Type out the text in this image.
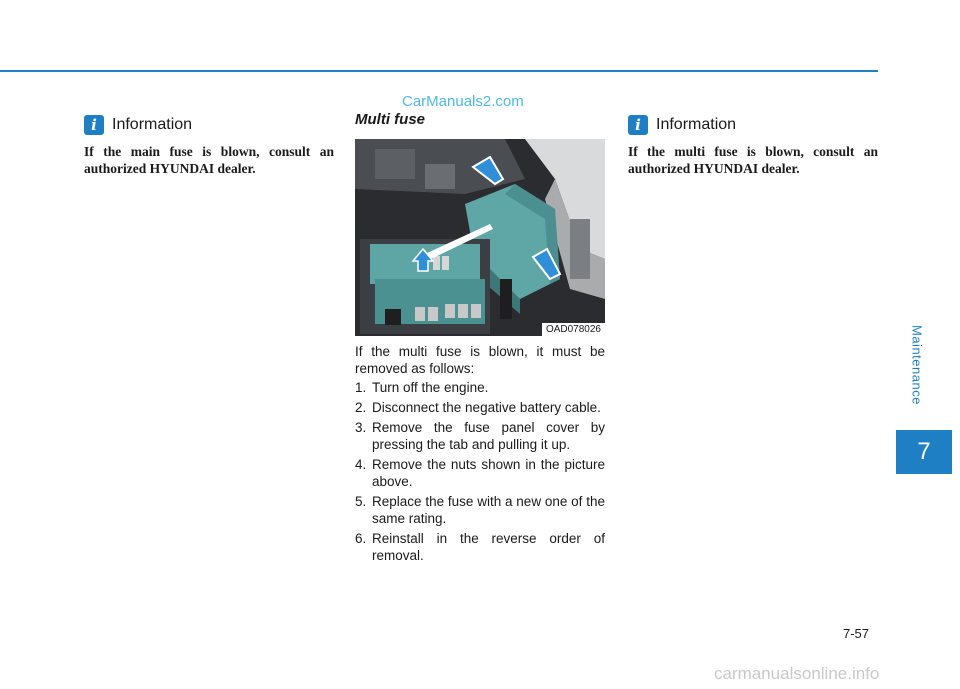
CarManuals2.com
i Information
If the main fuse is blown, consult an authorized HYUNDAI dealer.
Multi fuse
OAD078026
If the multi fuse is blown, it must be removed as follows:
1. Turn off the engine.
2. Disconnect the negative battery cable.
3. Remove the fuse panel cover by pressing the tab and pulling it up.
4. Remove the nuts shown in the picture above.
5. Replace the fuse with a new one of the same rating.
6. Reinstall in the reverse order of removal.
i Information
If the multi fuse is blown, consult an authorized HYUNDAI dealer.
Maintenance
7
7-57
carmanualsonline.info
